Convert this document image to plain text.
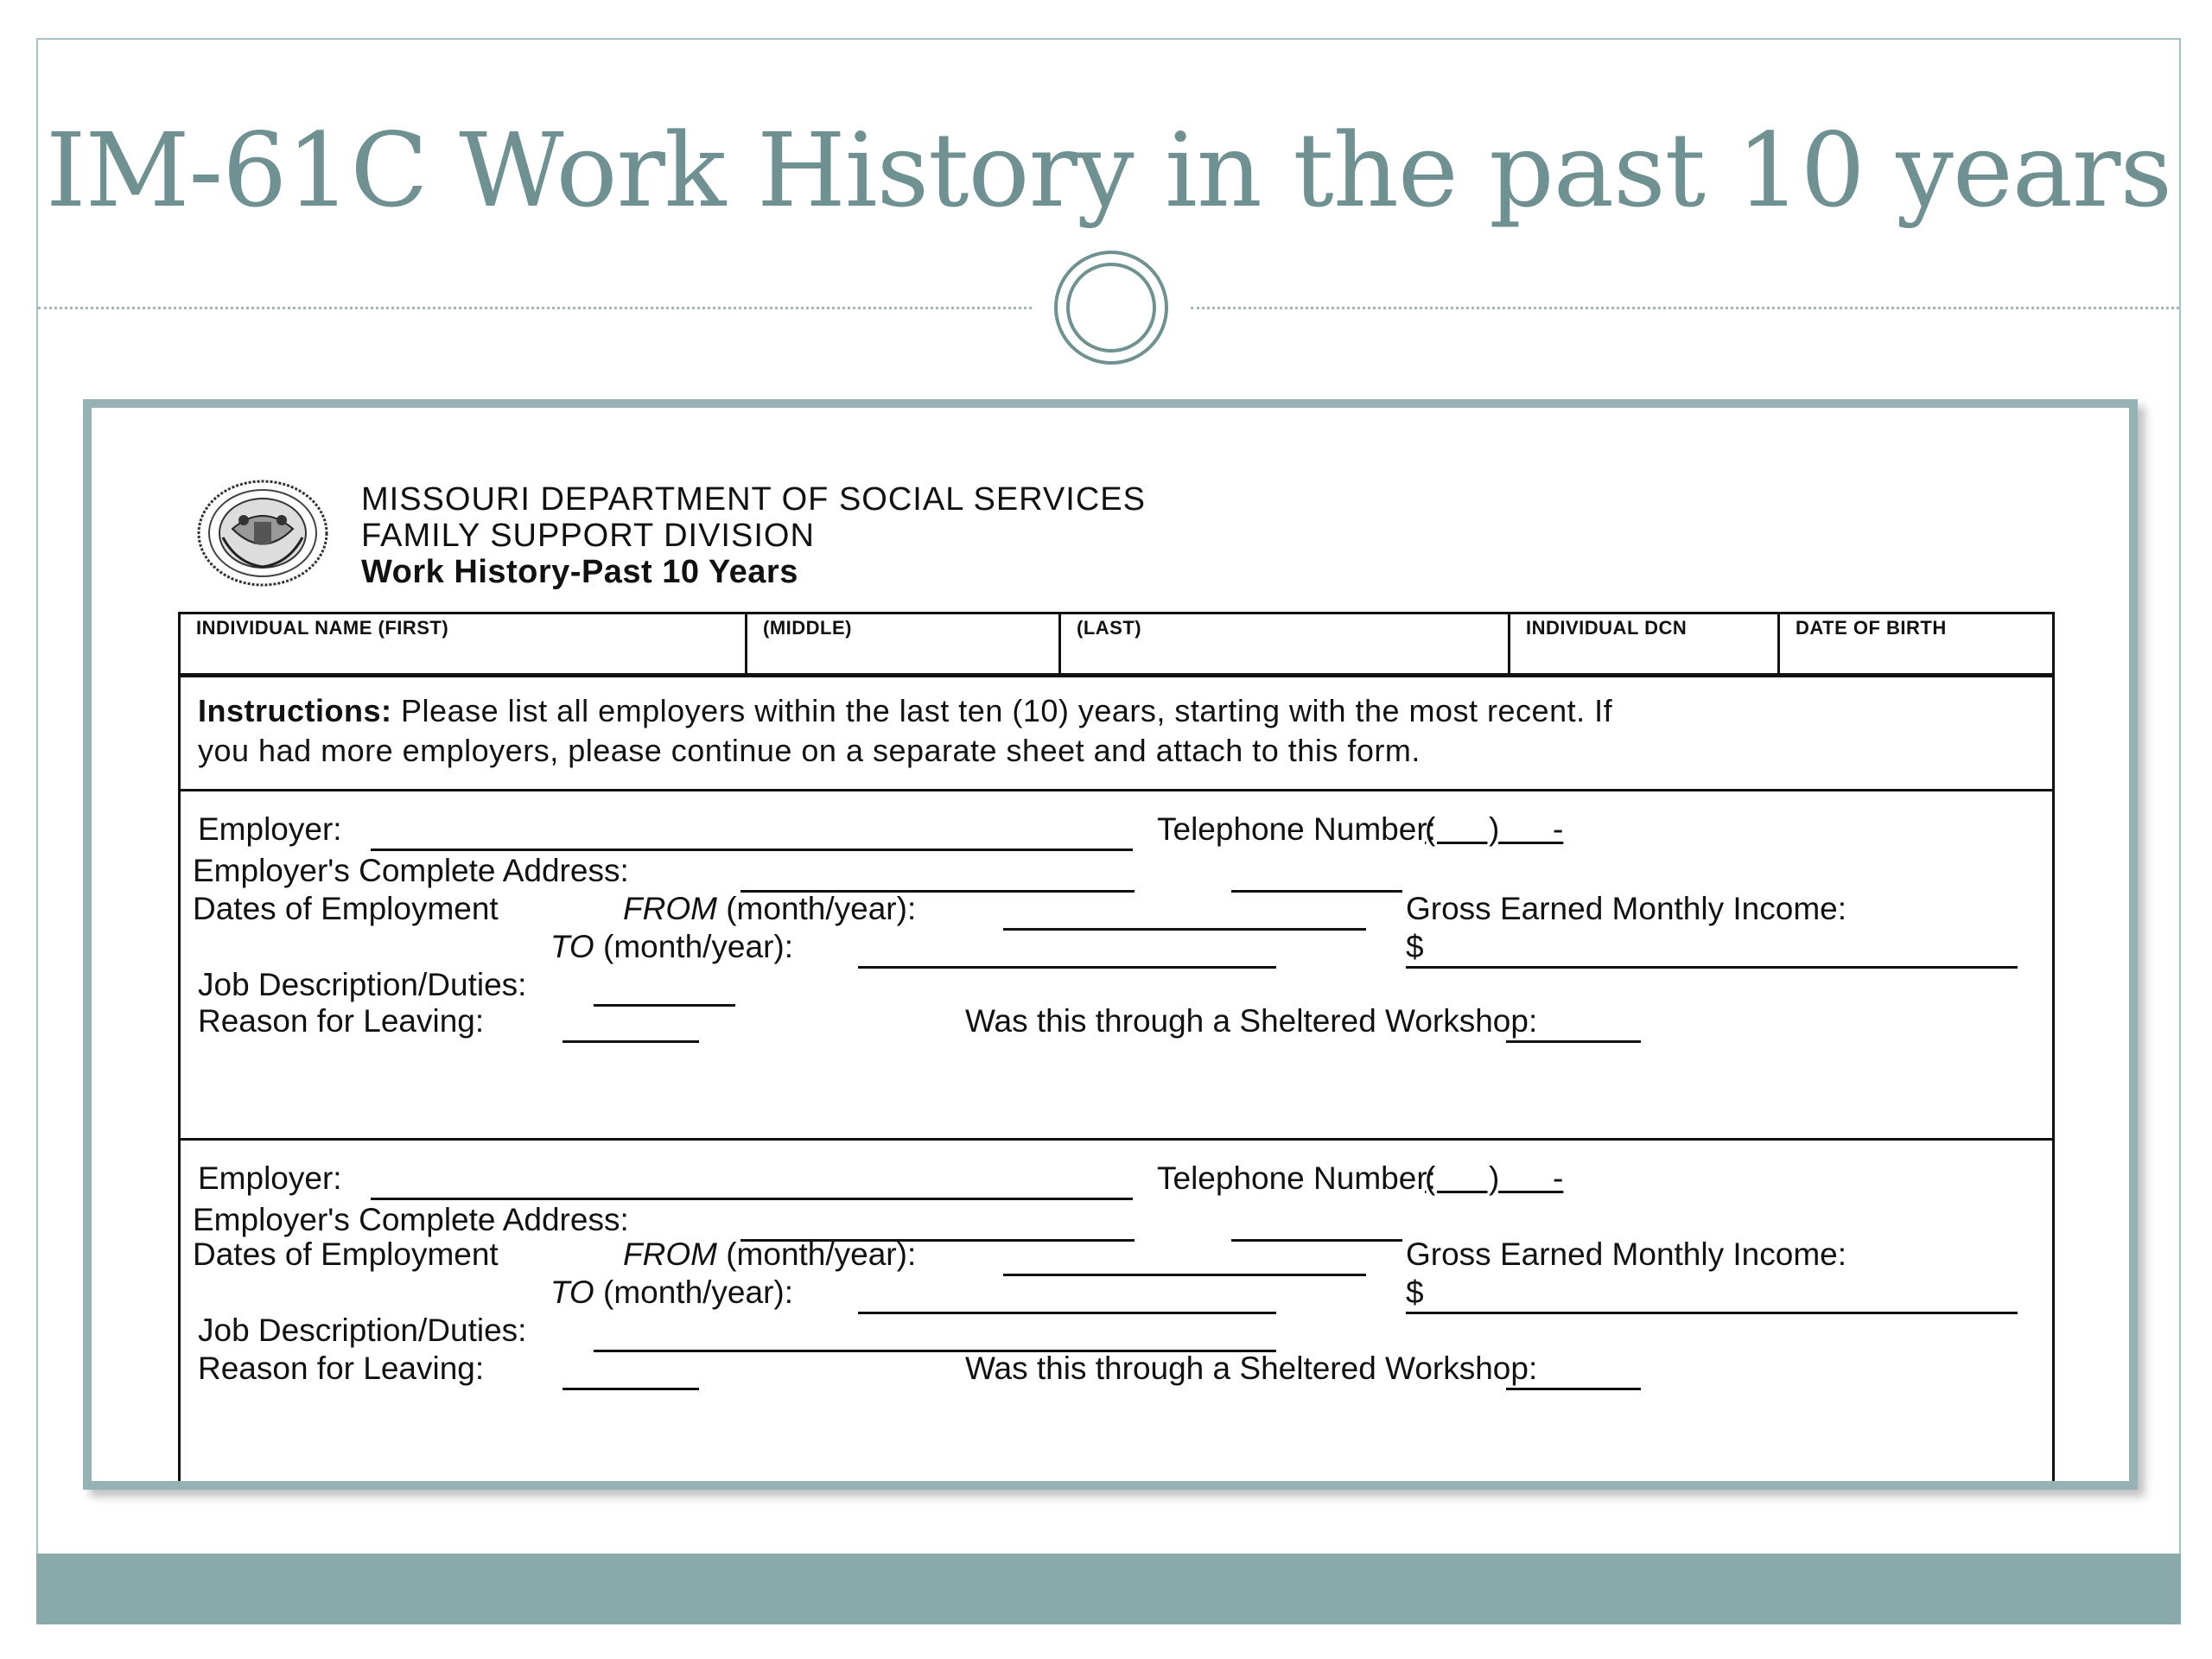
IM-61C Work History in the past 10 years
MISSOURI DEPARTMENT OF SOCIAL SERVICES
FAMILY SUPPORT DIVISION
Work History-Past 10 Years
INDIVIDUAL NAME (FIRST)	(MIDDLE)	(LAST)	INDIVIDUAL DCN	DATE OF BIRTH
Instructions: Please list all employers within the last ten (10) years, starting with the most recent. If
you had more employers, please continue on a separate sheet and attach to this form.
Employer:	Telephone Number:
(      )      -
Employer's Complete Address:
Dates of Employment	FROM (month/year):	Gross Earned Monthly Income:
TO (month/year):	$
Job Description/Duties:
Reason for Leaving:	Was this through a Sheltered Workshop:
Employer:	Telephone Number:
(      )      -
Employer's Complete Address:
Dates of Employment	FROM (month/year):	Gross Earned Monthly Income:
TO (month/year):	$
Job Description/Duties:
Reason for Leaving:	Was this through a Sheltered Workshop:
